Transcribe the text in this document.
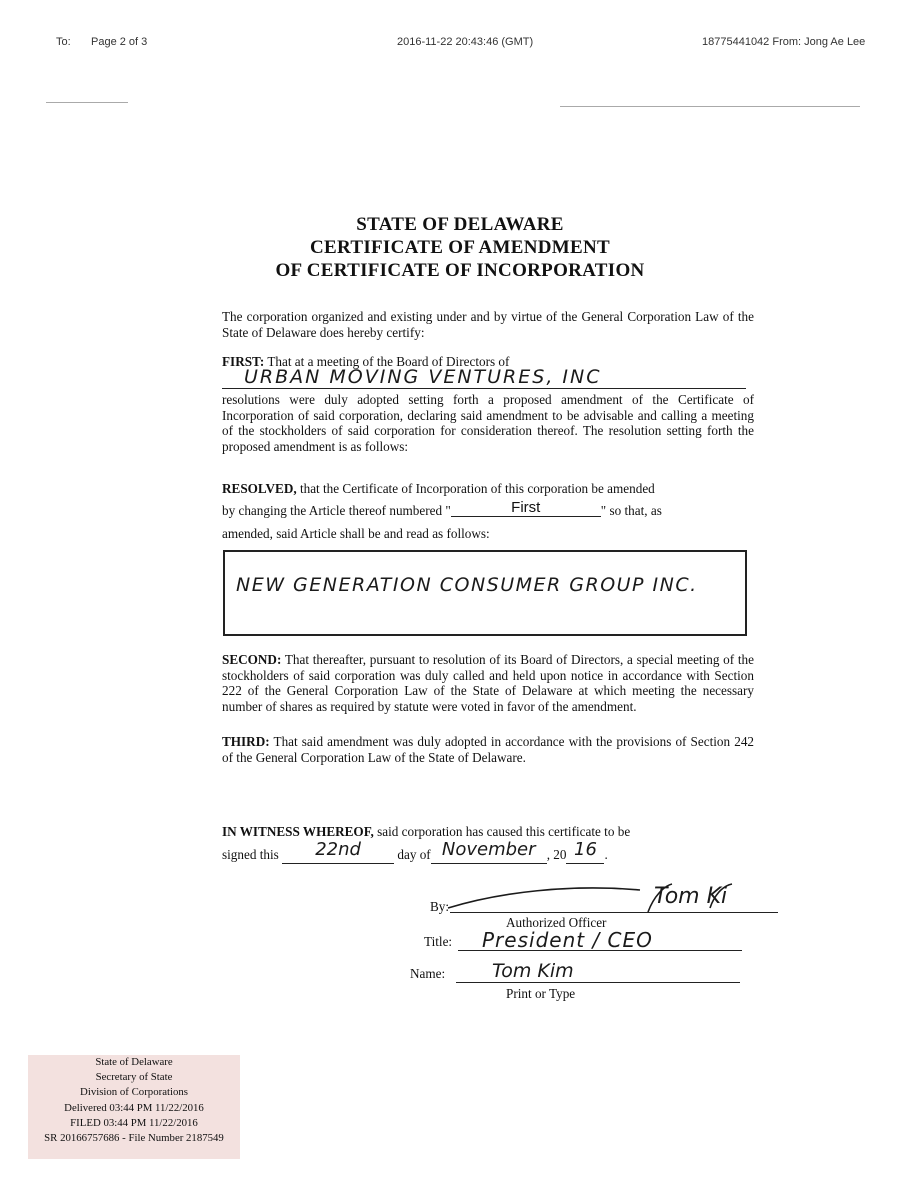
To: Page 2 of 3	2016-11-22 20:43:46 (GMT)	18775441042 From: Jong Ae Lee
STATE OF DELAWARE
CERTIFICATE OF AMENDMENT
OF CERTIFICATE OF INCORPORATION
The corporation organized and existing under and by virtue of the General Corporation Law of the State of Delaware does hereby certify:
FIRST: That at a meeting of the Board of Directors of
URBAN MOVING VENTURES, INC
resolutions were duly adopted setting forth a proposed amendment of the Certificate of Incorporation of said corporation, declaring said amendment to be advisable and calling a meeting of the stockholders of said corporation for consideration thereof. The resolution setting forth the proposed amendment is as follows:
RESOLVED, that the Certificate of Incorporation of this corporation be amended
by changing the Article thereof numbered "	First	" so that, as
amended, said Article shall be and read as follows:
NEW GENERATION CONSUMER GROUP INC.
SECOND: That thereafter, pursuant to resolution of its Board of Directors, a special meeting of the stockholders of said corporation was duly called and held upon notice in accordance with Section 222 of the General Corporation Law of the State of Delaware at which meeting the necessary number of shares as required by statute were voted in favor of the amendment.
THIRD: That said amendment was duly adopted in accordance with the provisions of Section 242 of the General Corporation Law of the State of Delaware.
IN WITNESS WHEREOF, said corporation has caused this certificate to be
signed this 22nd	day of November , 20 16 .
By:	Tom Ki
Authorized Officer
Title:	President / CEO
Name:	Tom Kim
Print or Type
State of Delaware
Secretary of State
Division of Corporations
Delivered 03:44 PM 11/22/2016
FILED 03:44 PM 11/22/2016
SR 20166757686 - File Number 2187549
